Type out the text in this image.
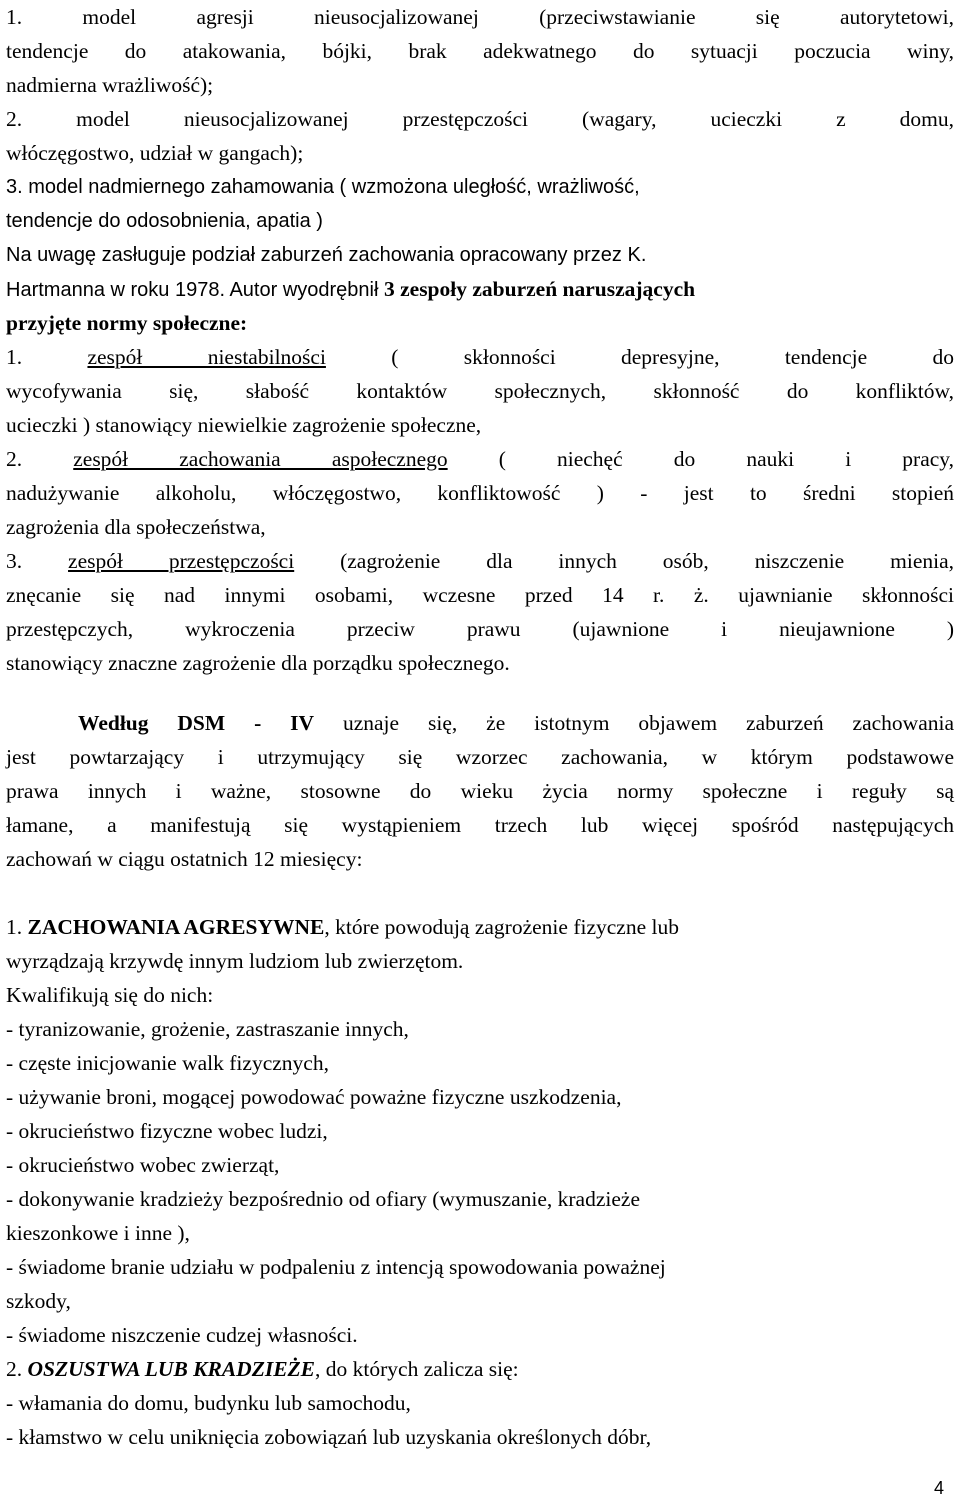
1. model agresji nieusocjalizowanej (przeciwstawianie się autorytetowi,
tendencje do atakowania, bójki, brak adekwatnego do sytuacji poczucia winy,
nadmierna wrażliwość);
2. model nieusocjalizowanej przestępczości (wagary, ucieczki z domu,
włóczęgostwo, udział w gangach);
3. model nadmiernego zahamowania ( wzmożona uległość, wrażliwość,
tendencje do odosobnienia, apatia )
Na uwagę zasługuje podział zaburzeń zachowania opracowany przez K.
Hartmanna w roku 1978. Autor wyodrębnił 3 zespoły zaburzeń naruszających
przyjęte normy społeczne:
1. zespół niestabilności ( skłonności depresyjne, tendencje do
wycofywania się, słabość kontaktów społecznych, skłonność do konfliktów,
ucieczki ) stanowiący niewielkie zagrożenie społeczne,
2. zespół zachowania aspołecznego ( niechęć do nauki i pracy,
nadużywanie alkoholu, włóczęgostwo, konfliktowość ) - jest to średni stopień
zagrożenia dla społeczeństwa,
3. zespół przestępczości (zagrożenie dla innych osób, niszczenie mienia,
znęcanie się nad innymi osobami, wczesne przed 14 r. ż. ujawnianie skłonności
przestępczych, wykroczenia przeciw prawu (ujawnione i nieujawnione )
stanowiący znaczne zagrożenie dla porządku społecznego.
Według DSM - IV uznaje się, że istotnym objawem zaburzeń zachowania
jest powtarzający i utrzymujący się wzorzec zachowania, w którym podstawowe
prawa innych i ważne, stosowne do wieku życia normy społeczne i reguły są
łamane, a manifestują się wystąpieniem trzech lub więcej spośród następujących
zachowań w ciągu ostatnich 12 miesięcy:
1. ZACHOWANIA AGRESYWNE, które powodują zagrożenie fizyczne lub
wyrządzają krzywdę innym ludziom lub zwierzętom.
Kwalifikują się do nich:
- tyranizowanie, grożenie, zastraszanie innych,
- częste inicjowanie walk fizycznych,
- używanie broni, mogącej powodować poważne fizyczne uszkodzenia,
- okrucieństwo fizyczne wobec ludzi,
- okrucieństwo wobec zwierząt,
- dokonywanie kradzieży bezpośrednio od ofiary (wymuszanie, kradzieże
kieszonkowe i inne ),
- świadome branie udziału w podpaleniu z intencją spowodowania poważnej
szkody,
- świadome niszczenie cudzej własności.
2. OSZUSTWA LUB KRADZIEŻE, do których zalicza się:
- włamania do domu, budynku lub samochodu,
- kłamstwo w celu uniknięcia zobowiązań lub uzyskania określonych dóbr,
4
